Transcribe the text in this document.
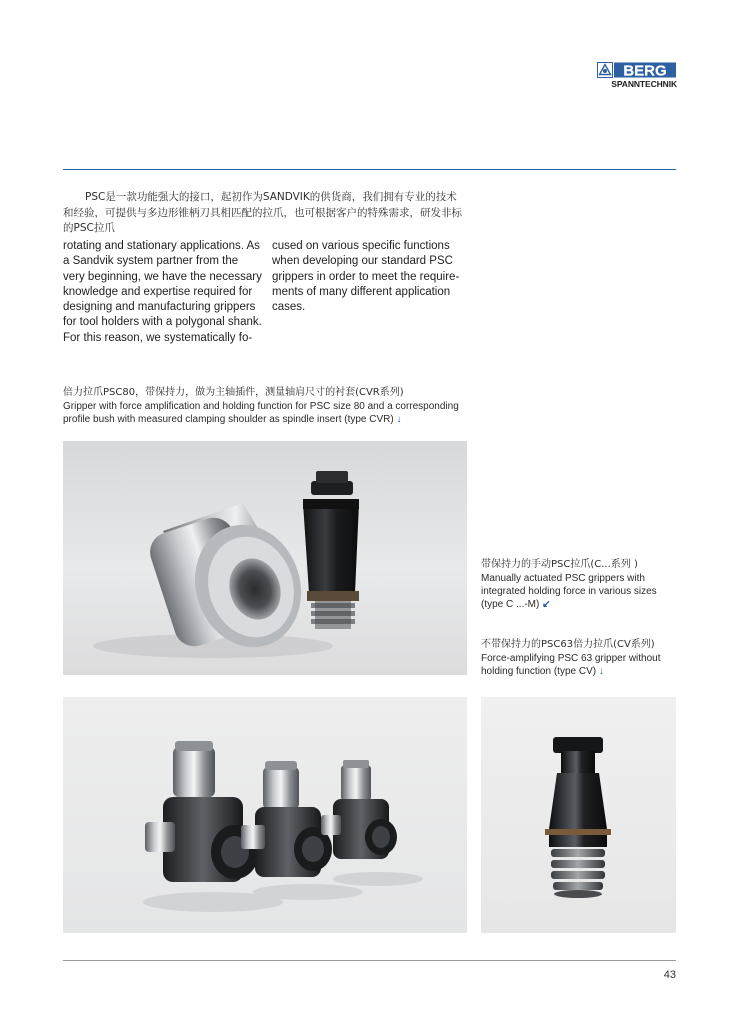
BERG
SPANNTECHNIK
PSC是一款功能强大的接口，起初作为SANDVIK的供货商，我们拥有专业的技术和经验，可提供与多边形锥柄刀具相匹配的拉爪，也可根据客户的特殊需求，研发非标的PSC拉爪
rotating and stationary applications. As a Sandvik system partner from the very beginning, we have the necessary knowledge and expertise required for designing and manufacturing grippers for tool holders with a polygonal shank. For this reason, we systematically fo-
cused on various specific functions when developing our standard PSC grippers in order to meet the require-ments of many different application cases.
倍力拉爪PSC80，带保持力，做为主轴插件，测量轴肩尺寸的衬套(CVR系列)
Gripper with force amplification and holding function for PSC size 80 and a corresponding profile bush with measured clamping shoulder as spindle insert (type CVR) ↓
带保持力的手动PSC拉爪(C...系列 )
Manually actuated PSC grippers with integrated holding force in various sizes (type C ...-M) ↙
不带保持力的PSC63倍力拉爪(CV系列)
Force-amplifying PSC 63 gripper without holding function (type CV) ↓
43
